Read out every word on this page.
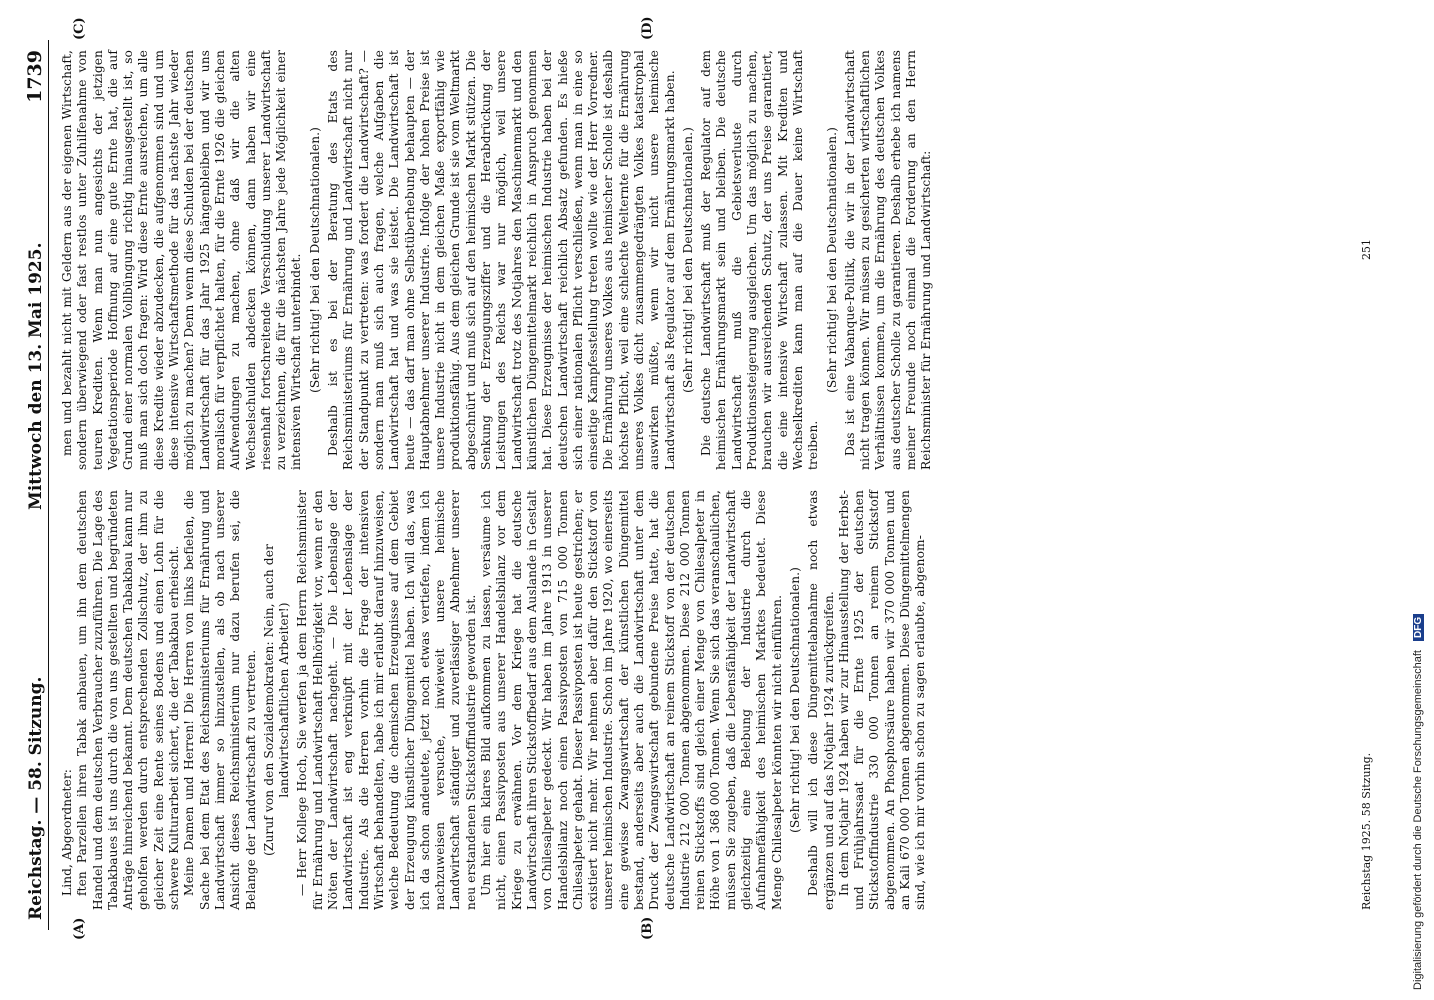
Reichstag. — 58. Sitzung.
Mittwoch den 13. Mai 1925.
1739
(A)	(B)
(C)	(D)

Lind, Abgeordneter: ften Parzellen ihren Tabak anbauen, um ihn dem deutschen Handel und dem deutschen Verbraucher zuzuführen. Die Lage des Tabakbaues ist uns durch die von uns gestellten und begründeten Anträge hinreichend bekannt. Dem deutschen Tabakbau kann nur geholfen werden durch entsprechenden Zollschutz, der ihm zu gleicher Zeit eine Rente seines Bodens und einen Lohn für die schwere Kulturarbeit sichert, die der Tabakbau erheischt. Meine Damen und Herren! Die Herren von links befielen, die Sache bei dem Etat des Reichsministeriums für Ernährung und Landwirtschaft immer so hinzustellen, als ob nach unserer Ansicht dieses Reichsministerium nur dazu berufen sei, die Belange der Landwirtschaft zu vertreten. (Zuruf von den Sozialdemokraten: Nein, auch der landwirtschaftlichen Arbeiter!) — Herr Kollege Hoch, Sie werfen ja dem Herrn Reichsminister für Ernährung und Landwirtschaft Hellhörigkeit vor, wenn er den Nöten der Landwirtschaft nachgeht. — Die Lebenslage der Landwirtschaft ist eng verknüpft mit der Lebenslage der Industrie. Als die Herren vorhin die Frage der intensiven Wirtschaft behandelten, habe ich mir erlaubt darauf hinzuweisen, welche Bedeutung die chemischen Erzeugnisse auf dem Gebiet der Erzeugung künstlicher Düngemittel haben. Ich will das, was ich da schon andeutete, jetzt noch etwas vertiefen, indem ich nachzuweisen versuche, inwieweit unsere heimische Landwirtschaft ständiger und zuverlässiger Abnehmer unserer neu erstandenen Stickstoffindustrie geworden ist. Um hier ein klares Bild aufkommen zu lassen, versäume ich nicht, einen Passivposten aus unserer Handelsbilanz vor dem Kriege zu erwähnen. Vor dem Kriege hat die deutsche Landwirtschaft ihren Stickstoffbedarf aus dem Auslande in Gestalt von Chilesalpeter gedeckt. Wir haben im Jahre 1913 in unserer Handelsbilanz noch einen Passivposten von 715 000 Tonnen Chilesalpeter gehabt. Dieser Passivposten ist heute gestrichen; er existiert nicht mehr. Wir nehmen aber dafür den Stickstoff von unserer heimischen Industrie. Schon im Jahre 1920, wo einerseits eine gewisse Zwangswirtschaft der künstlichen Düngemittel bestand, anderseits aber auch die Landwirtschaft unter dem Druck der Zwangswirtschaft gebundene Preise hatte, hat die deutsche Landwirtschaft an reinem Stickstoff von der deutschen Industrie 212 000 Tonnen abgenommen. Diese 212 000 Tonnen reinen Stickstoffs sind gleich einer Menge von Chilesalpeter in Höhe von 1 368 000 Tonnen. Wenn Sie sich das veranschaulichen, müssen Sie zugeben, daß die Lebensfähigkeit der Landwirtschaft gleichzeitig eine Belebung der Industrie durch die Aufnahmefähigkeit des heimischen Marktes bedeutet. Diese Menge Chilesalpeter könnten wir nicht einführen. (Sehr richtig! bei den Deutschnationalen.) Deshalb will ich diese Düngemittelabnahme noch etwas ergänzen und auf das Notjahr 1924 zurückgreifen. In dem Notjahr 1924 haben wir zur Hinausstellung der Herbst- und Frühjahrssaat für die Ernte 1925 der deutschen Stickstoffindustrie 330 000 Tonnen an reinem Stickstoff abgenommen. An Phosphorsäure haben wir 370 000 Tonnen und an Kali 670 000 Tonnen abgenommen. Diese Düngemittelmengen sind, wie ich mir vorhin schon zu sagen erlaubte, abgenom-

men und bezahlt nicht mit Geldern aus der eigenen Wirtschaft, sondern überwiegend oder fast restlos unter Zuhilfenahme von teuren Krediten. Wenn man nun angesichts der jetzigen Vegetationsperiode Hoffnung auf eine gute Ernte hat, die auf Grund einer normalen Vollbüngung richtig hinausgestellt ist, so muß man sich doch fragen: Wird diese Ernte ausreichen, um alle diese Kredite wieder abzudecken, die aufgenommen sind und um diese intensive Wirtschaftsmethode für das nächste Jahr wieder möglich zu machen? Denn wenn diese Schulden bei der deutschen Landwirtschaft für das Jahr 1925 hängenbleiben und wir uns moralisch für verpflichtet halten, für die Ernte 1926 die gleichen Aufwendungen zu machen, ohne daß wir die alten Wechselschulden abdecken können, dann haben wir eine riesenhaft fortschreitende Verschuldung unserer Landwirtschaft zu verzeichnen, die für die nächsten Jahre jede Möglichkeit einer intensiven Wirtschaft unterbindet. (Sehr richtig! bei den Deutschnationalen.) Deshalb ist es bei der Beratung des Etats des Reichsministeriums für Ernährung und Landwirtschaft nicht nur der Standpunkt zu vertreten: was fordert die Landwirtschaft? — sondern man muß sich auch fragen, welche Aufgaben die Landwirtschaft hat und was sie leistet. Die Landwirtschaft ist heute — das darf man ohne Selbstüberhebung behaupten — der Hauptabnehmer unserer Industrie. Infolge der hohen Preise ist unsere Industrie nicht in dem gleichen Maße exportfähig wie produktionsfähig. Aus dem gleichen Grunde ist sie vom Weltmarkt abgeschnürt und muß sich auf den heimischen Markt stützen. Die Senkung der Erzeugungsziffer und die Herabdrückung der Leistungen des Reichs war nur möglich, weil unsere Landwirtschaft trotz des Notjahres den Maschinenmarkt und den künstlichen Düngemittelmarkt reichlich in Anspruch genommen hat. Diese Erzeugnisse der heimischen Industrie haben bei der deutschen Landwirtschaft reichlich Absatz gefunden. Es hieße sich einer nationalen Pflicht verschließen, wenn man in eine so einseitige Kampfesstellung treten wollte wie der Herr Vorredner. Die Ernährung unseres Volkes aus heimischer Scholle ist deshalb höchste Pflicht, weil eine schlechte Welternte für die Ernährung unseres Volkes dicht zusammengedrängten Volkes katastrophal auswirken müßte, wenn wir nicht unsere heimische Landwirtschaft als Regulator auf dem Ernährungsmarkt haben. (Sehr richtig! bei den Deutschnationalen.) Die deutsche Landwirtschaft muß der Regulator auf dem heimischen Ernährungsmarkt sein und bleiben. Die deutsche Landwirtschaft muß die Gebietsverluste durch Produktionssteigerung ausgleichen. Um das möglich zu machen, brauchen wir ausreichenden Schutz, der uns Preise garantiert, die eine intensive Wirtschaft zulassen. Mit Krediten und Wechselkrediten kann man auf die Dauer keine Wirtschaft treiben.

(Sehr richtig! bei den Deutschnationalen.) Das ist eine Vabanque-Politik, die wir in der Landwirtschaft nicht tragen können. Wir müssen zu gesicherten wirtschaftlichen Verhältnissen kommen, um die Ernährung des deutschen Volkes aus deutscher Scholle zu garantieren. Deshalb erhebe ich namens meiner Freunde noch einmal die Forderung an den Herrn Reichsminister für Ernährung und Landwirtschaft:

Reichstag 1925. 58 Sitzung.
251
Digitalisierung gefördert durch die Deutsche Forschungsgemeinschaft DFG
